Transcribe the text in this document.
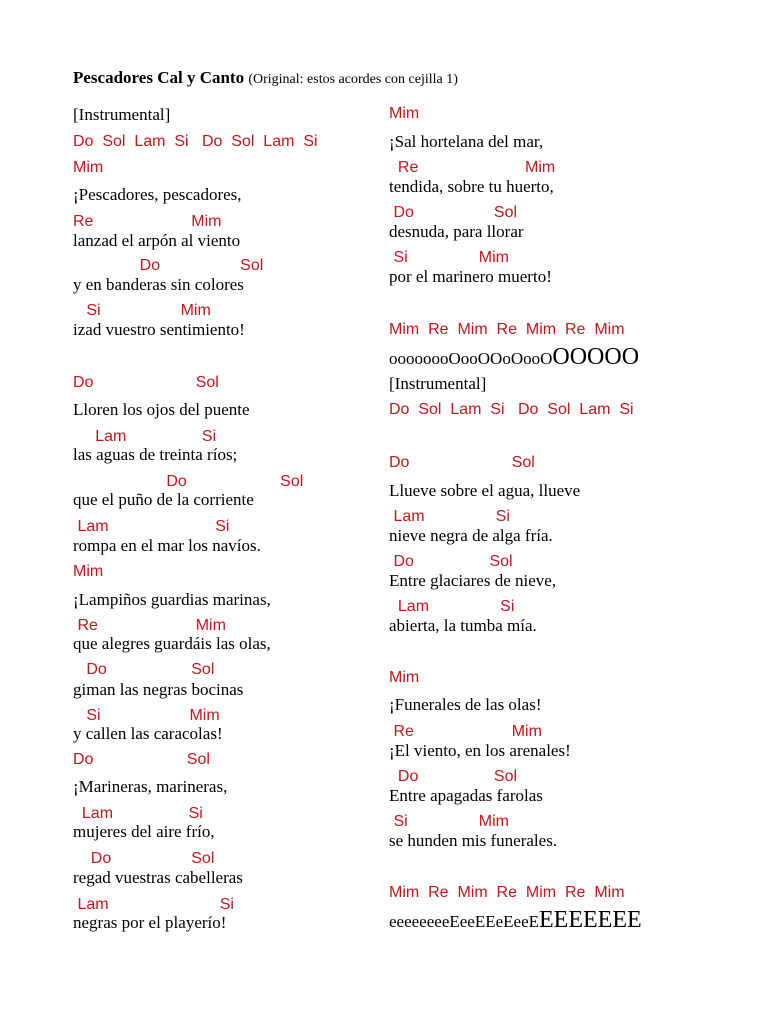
Pescadores Cal y Canto (Original: estos acordes con cejilla 1)
[Instrumental]
Do  Sol  Lam  Si   Do  Sol  Lam  Si
Mim
¡Pescadores, pescadores,
Re                      Mim
lanzad el arpón al viento
Do                  Sol
y en banderas sin colores
Si                  Mim
izad vuestro sentimiento!
Do                       Sol
Lloren los ojos del puente
Lam                 Si
las aguas de treinta ríos;
Do                     Sol
que el puño de la corriente
Lam                        Si
rompa en el mar los navíos.
Mim
¡Lampiños guardias marinas,
Re                      Mim
que alegres guardáis las olas,
Do                   Sol
giman las negras bocinas
Si                    Mim
y callen las caracolas!
Do                     Sol
¡Marineras, marineras,
Lam                 Si
mujeres del aire frío,
Do                  Sol
regad vuestras cabelleras
Lam                         Si
negras por el playerío!
Mim
¡Sal hortelana del mar,
Re                        Mim
tendida, sobre tu huerto,
Do                  Sol
desnuda, para llorar
Si                Mim
por el marinero muerto!
Mim  Re  Mim  Re  Mim  Re  Mim
oooooooOooOOoOooOOOOOO
[Instrumental]
Do  Sol  Lam  Si   Do  Sol  Lam  Si
Do                       Sol
Llueve sobre el agua, llueve
Lam                Si
nieve negra de alga fría.
Do                 Sol
Entre glaciares de nieve,
Lam                Si
abierta, la tumba mía.
Mim
¡Funerales de las olas!
Re                      Mim
¡El viento, en los arenales!
Do                 Sol
Entre apagadas farolas
Si                Mim
se hunden mis funerales.
Mim  Re  Mim  Re  Mim  Re  Mim
eeeeeeeeEeeEEeEeeEEEEEEEE
